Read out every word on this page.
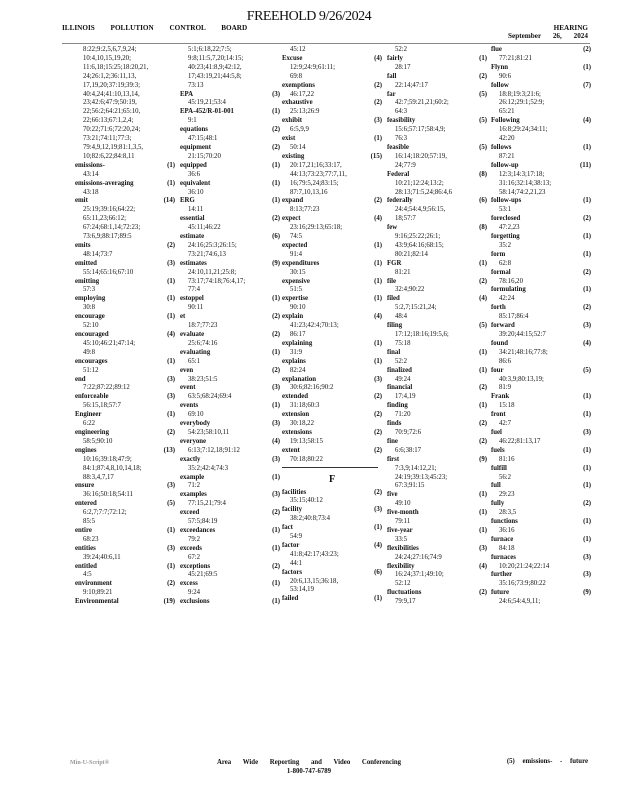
FREEHOLD 9/26/2024
ILLINOIS POLLUTION CONTROL BOARD	HEARING
September 26, 2024
8:22;9:2,5,6,7,9,24;
10:4,10,15,19,20;
11:6,18;15:25;18:20,21,
24;26:1,2;36:11,13,
17,19,20;37:19;39:3;
40:4,24;41:10,13,14,
23;42:6;47:9;50:19,
22;56:2;64:21;65:10,
22;66:13;67:1,2,4;
70:22;71:6;72:20,24;
73:21;74:11;77:3;
79:4,9,12,19;81:1,3,5,
10;82:6,22;84:8,11
emissions-	(1)
43:14
emissions-averaging	(1)
43:18
emit	(14)
25:19;39:16;64:22;
65:11,23;66:12;
67:24;68:1,14;72:23;
73:6,9;88:17;89:5
emits	(2)
48:14;73:7
emitted	(3)
55:14;65:16;67:10
emitting	(1)
57:3
employing	(1)
30:8
encourage	(1)
52:10
encouraged	(4)
45:10;46:21;47:14;
49:8
encourages	(1)
51:12
end	(3)
7:22;87:22;89:12
enforceable	(3)
56:15,18;57:7
Engineer	(1)
6:22
engineering	(2)
58:5;90:10
engines	(13)
10:16;39:18;47:9;
84:1;87:4,8,10,14,18;
88:3,4,7,17
ensure	(3)
36:16;50:18;54:11
entered	(5)
6:2,7;7:7;72:12;
85:5
entire	(1)
68:23
entities	(3)
39:24;40:6,11
entitled	(1)
4:5
environment	(2)
9:10;89:21
Environmental	(19)
5:1;6:18,22;7:5;
9:8;11:5,7,20;14:15;
40:23;41:8,9;42:12,
17;43:19,21;44:5,8;
73:13
EPA	(3)
45:19,21;53:4
EPA-452/R-01-001	(1)
9:1
equations	(2)
47:15;48:1
equipment	(2)
21:15;70:20
equipped	(1)
36:6
equivalent	(1)
36:10
ERG	(1)
14:11
essential	(2)
45:11;46:22
estimate	(6)
24:16;25:3;26:15;
73:21;74:6,13
estimates	(9)
24:10,11,21;25:8;
73:17;74:18;76:4,17;
77:4
estoppel	(1)
90:11
et	(2)
18:7;77:23
evaluate	(2)
25:6;74:16
evaluating	(1)
65:1
even	(2)
38:23;51:5
event	(3)
63:5;68:24;69:4
events	(1)
69:10
everybody	(3)
54:23;58:10,11
everyone	(4)
6:13;7:12,18;91:12
exactly	(3)
35:2;42:4;74:3
example	(1)
71:2
examples	(3)
77:15,21;79:4
exceed	(2)
57:5;84:19
exceedances	(1)
79:2
exceeds	(1)
67:2
exceptions	(2)
45:21;69:5
excess	(1)
9:24
exclusions	(1)
45:12
Excuse	(4)
12:9;24:9;61:11;
69:8
exemptions	(2)
46:17,22
exhaustive	(2)
25:13;26:9
exhibit	(3)
6:5,9,9
exist	(1)
50:14
existing	(15)
20:17,21;16;33:17,
44:13;73:23;77:7,11,
16;79:5,24;83:15;
87:7,10,13,16
expand	(2)
8:13;77:23
expect	(4)
23:16;29:13;65:18;
74:5
expected	(1)
91:4
expenditures	(1)
30:15
expensive	(1)
51:5
expertise	(1)
90:10
explain	(4)
41:23;42:4;70:13;
86:17
explaining	(1)
31:9
explains	(1)
82:24
explanation	(3)
30:6;82:16;90:2
extended	(2)
31:18;60:3
extension	(2)
30:18,22
extensions	(2)
19:13;58:15
extent	(2)
70:18;80:22
F
facilities	(2)
35:15;40:12
facility	(3)
38:2;40:8;73:4
fact	(1)
54:9
factor	(4)
41:8;42:17;43:23;
44:1
factors	(6)
20:6,13,15;36:18,
53:14,19
failed	(1)
52:2
fairly	(1)
28:17
fall	(2)
22:14;47:17
far	(5)
42:7;59:21,21;60:2;
64:3
feasibility	(5)
15:6;57:17;58:4,9;
76:3
feasible	(5)
16:14;18:20;57:19,
24;77:9
Federal	(8)
10:21;12:24;13:2;
28:13;71:5,24;86:4,6
federally	(6)
24:4;54:4,9;56:15,
18;57:7
few	(8)
9:16;25:22;26:1;
43:9;64:16;68:15;
80:21;82:14
FGR	(1)
81:21
file	(2)
32:4;90:22
filed	(4)
5:2,7;15:21,24;
48:4
filing	(5)
17:12;18:16;19:5,6;
75:18
final	(1)
52:2
finalized	(1)
49:24
financial	(2)
17:4,19
finding	(1)
71:20
finds	(2)
70:9;72:6
fine	(2)
6:6;38:17
first	(9)
7:3,9;14:12,21;
24:19;39:13;45:23;
67:3;91:15
five	(1)
49:10
five-month	(1)
79:11
five-year	(1)
33:5
flexibilities	(3)
24:24;27:16;74:9
flexibility	(4)
16:24;37:1;49:10;
52:12
fluctuations	(2)
79:9,17
flue	(2)
77:21;81:21
Flynn	(1)
90:6
follow	(7)
18:8;19:3;21:6;
26:12;29:1;52:9;
65:21
Following	(4)
16:8;29:24;34:11;
42:20
follows	(1)
87:21
follow-up	(11)
12:3;14:3;17:18;
31:16;32:14;38:13;
58:14;74:2,21,23
follow-ups	(1)
53:1
foreclosed	(2)
47:2,23
forgetting	(1)
35:2
form	(1)
62:8
formal	(2)
78:16,20
formulating	(1)
42:24
forth	(2)
85:17;86:4
forward	(3)
39:20;44:15;52:7
found	(4)
34:21;48:16;77:8;
86:6
four	(5)
40:3,9;80:13,19;
81:9
Frank	(1)
15:18
front	(1)
42:7
fuel	(3)
46:22;81:13,17
fuels	(1)
81:16
fulfill	(1)
56:2
full	(1)
29:23
fully	(2)
28:3,5
functions	(1)
36:16
furnace	(1)
84:18
furnaces	(3)
10:20;21:24;22:14
further	(3)
35:16;73:9;80:22
future	(9)
24:6;54:4,9,11;
Min-U-Script®	Area Wide Reporting and Video Conferencing
1-800-747-6789
(5) emissions- - future
